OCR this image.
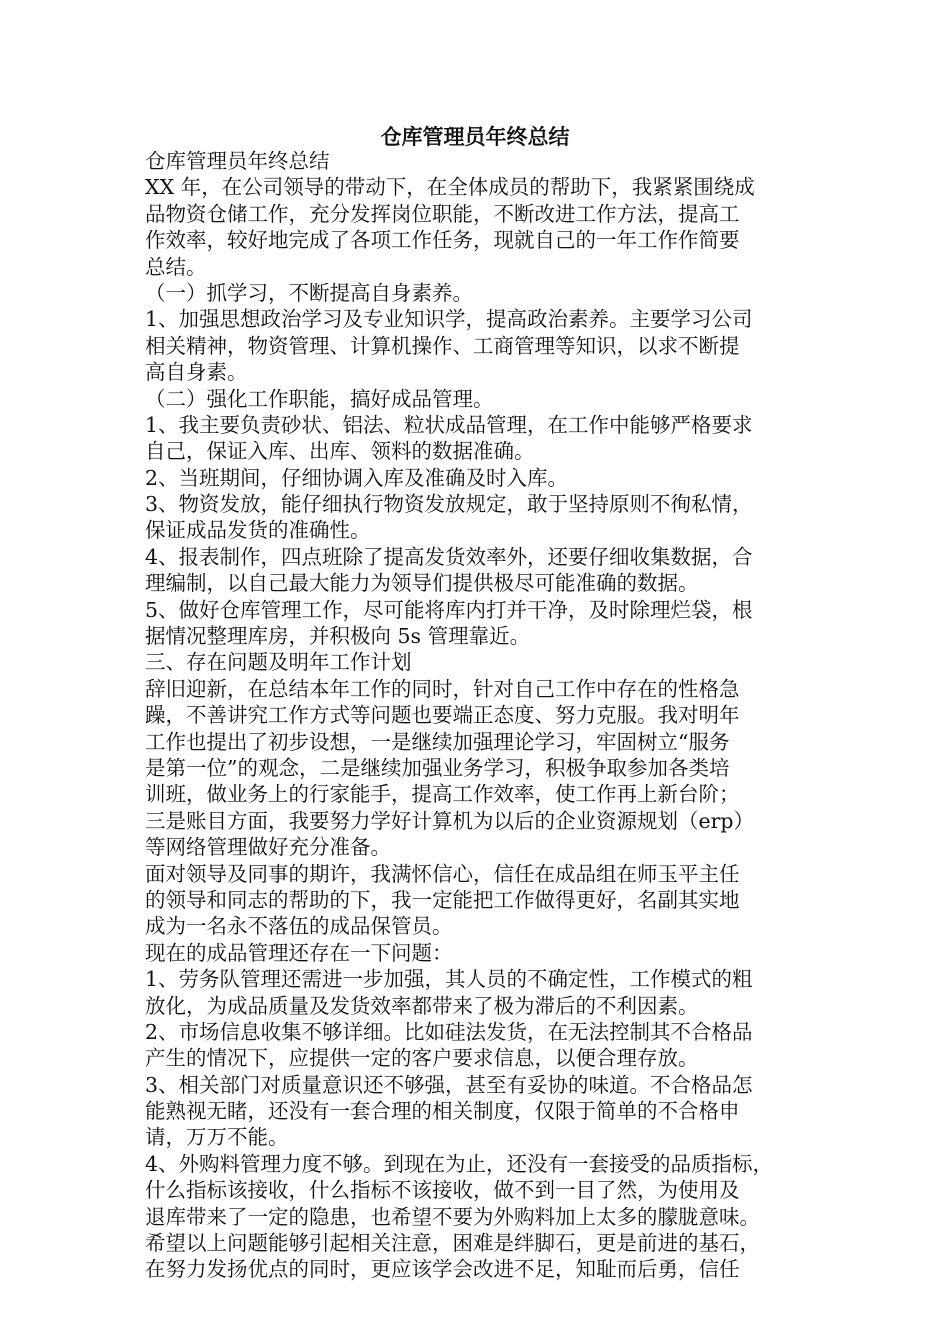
仓库管理员年终总结
仓库管理员年终总结
XX 年，在公司领导的带动下，在全体成员的帮助下，我紧紧围绕成
品物资仓储工作，充分发挥岗位职能，不断改进工作方法，提高工
作效率，较好地完成了各项工作任务，现就自己的一年工作作简要
总结。
（一）抓学习，不断提高自身素养。
1、加强思想政治学习及专业知识学，提高政治素养。主要学习公司
相关精神，物资管理、计算机操作、工商管理等知识，以求不断提
高自身素。
（二）强化工作职能，搞好成品管理。
1、我主要负责砂状、铝法、粒状成品管理，在工作中能够严格要求
自己，保证入库、出库、领料的数据准确。
2、当班期间，仔细协调入库及准确及时入库。
3、物资发放，能仔细执行物资发放规定，敢于坚持原则不徇私情，
保证成品发货的准确性。
4、报表制作，四点班除了提高发货效率外，还要仔细收集数据，合
理编制，以自己最大能力为领导们提供极尽可能准确的数据。
5、做好仓库管理工作，尽可能将库内打并干净，及时除理烂袋，根
据情况整理库房，并积极向 5s 管理靠近。
三、存在问题及明年工作计划
辞旧迎新，在总结本年工作的同时，针对自己工作中存在的性格急
躁，不善讲究工作方式等问题也要端正态度、努力克服。我对明年
工作也提出了初步设想，一是继续加强理论学习，牢固树立“服务
是第一位”的观念，二是继续加强业务学习，积极争取参加各类培
训班，做业务上的行家能手，提高工作效率，使工作再上新台阶；
三是账目方面，我要努力学好计算机为以后的企业资源规划（erp）
等网络管理做好充分准备。
面对领导及同事的期许，我满怀信心，信任在成品组在师玉平主任
的领导和同志的帮助的下，我一定能把工作做得更好，名副其实地
成为一名永不落伍的成品保管员。
现在的成品管理还存在一下问题：
1、劳务队管理还需进一步加强，其人员的不确定性，工作模式的粗
放化，为成品质量及发货效率都带来了极为滞后的不利因素。
2、市场信息收集不够详细。比如硅法发货，在无法控制其不合格品
产生的情况下，应提供一定的客户要求信息，以便合理存放。
3、相关部门对质量意识还不够强，甚至有妥协的味道。不合格品怎
能熟视无睹，还没有一套合理的相关制度，仅限于简单的不合格申
请，万万不能。
4、外购料管理力度不够。到现在为止，还没有一套接受的品质指标，
什么指标该接收，什么指标不该接收，做不到一目了然，为使用及
退库带来了一定的隐患，也希望不要为外购料加上太多的朦胧意味。
希望以上问题能够引起相关注意，困难是绊脚石，更是前进的基石，
在努力发扬优点的同时，更应该学会改进不足，知耻而后勇，信任
